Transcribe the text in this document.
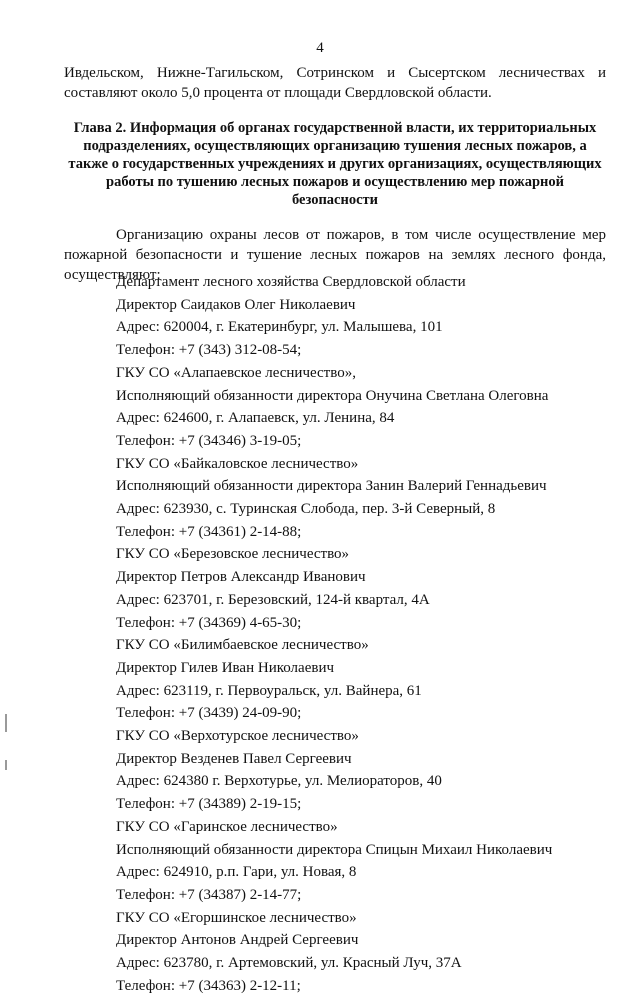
4
Ивдельском, Нижне-Тагильском, Сотринском и Сысертском лесничествах и составляют около 5,0 процента от площади Свердловской области.
Глава 2. Информация об органах государственной власти, их территориальных подразделениях, осуществляющих организацию тушения лесных пожаров, а также о государственных учреждениях и других организациях, осуществляющих работы по тушению лесных пожаров и осуществлению мер пожарной безопасности
Организацию охраны лесов от пожаров, в том числе осуществление мер пожарной безопасности и тушение лесных пожаров на землях лесного фонда, осуществляют:
Департамент лесного хозяйства Свердловской области
Директор Саидаков Олег Николаевич
Адрес: 620004, г. Екатеринбург, ул. Малышева, 101
Телефон: +7 (343) 312-08-54;
ГКУ СО «Алапаевское лесничество»,
Исполняющий обязанности директора Онучина Светлана Олеговна
Адрес: 624600, г. Алапаевск, ул. Ленина, 84
Телефон: +7 (34346) 3-19-05;
ГКУ СО «Байкаловское лесничество»
Исполняющий обязанности директора Занин Валерий Геннадьевич
Адрес: 623930, с. Туринская Слобода, пер. 3-й Северный, 8
Телефон: +7 (34361) 2-14-88;
ГКУ СО «Березовское лесничество»
Директор Петров Александр Иванович
Адрес: 623701, г. Березовский, 124-й квартал, 4А
Телефон: +7 (34369) 4-65-30;
ГКУ СО «Билимбаевское лесничество»
Директор Гилев Иван Николаевич
Адрес: 623119, г. Первоуральск, ул. Вайнера, 61
Телефон: +7 (3439) 24-09-90;
ГКУ СО «Верхотурское лесничество»
Директор Везденев Павел Сергеевич
Адрес: 624380 г. Верхотурье, ул. Мелиораторов, 40
Телефон: +7 (34389) 2-19-15;
ГКУ СО «Гаринское лесничество»
Исполняющий обязанности директора Спицын Михаил Николаевич
Адрес: 624910, р.п. Гари, ул. Новая, 8
Телефон: +7 (34387) 2-14-77;
ГКУ СО «Егоршинское лесничество»
Директор Антонов Андрей Сергеевич
Адрес: 623780, г. Артемовский, ул. Красный Луч, 37А
Телефон: +7 (34363) 2-12-11;
